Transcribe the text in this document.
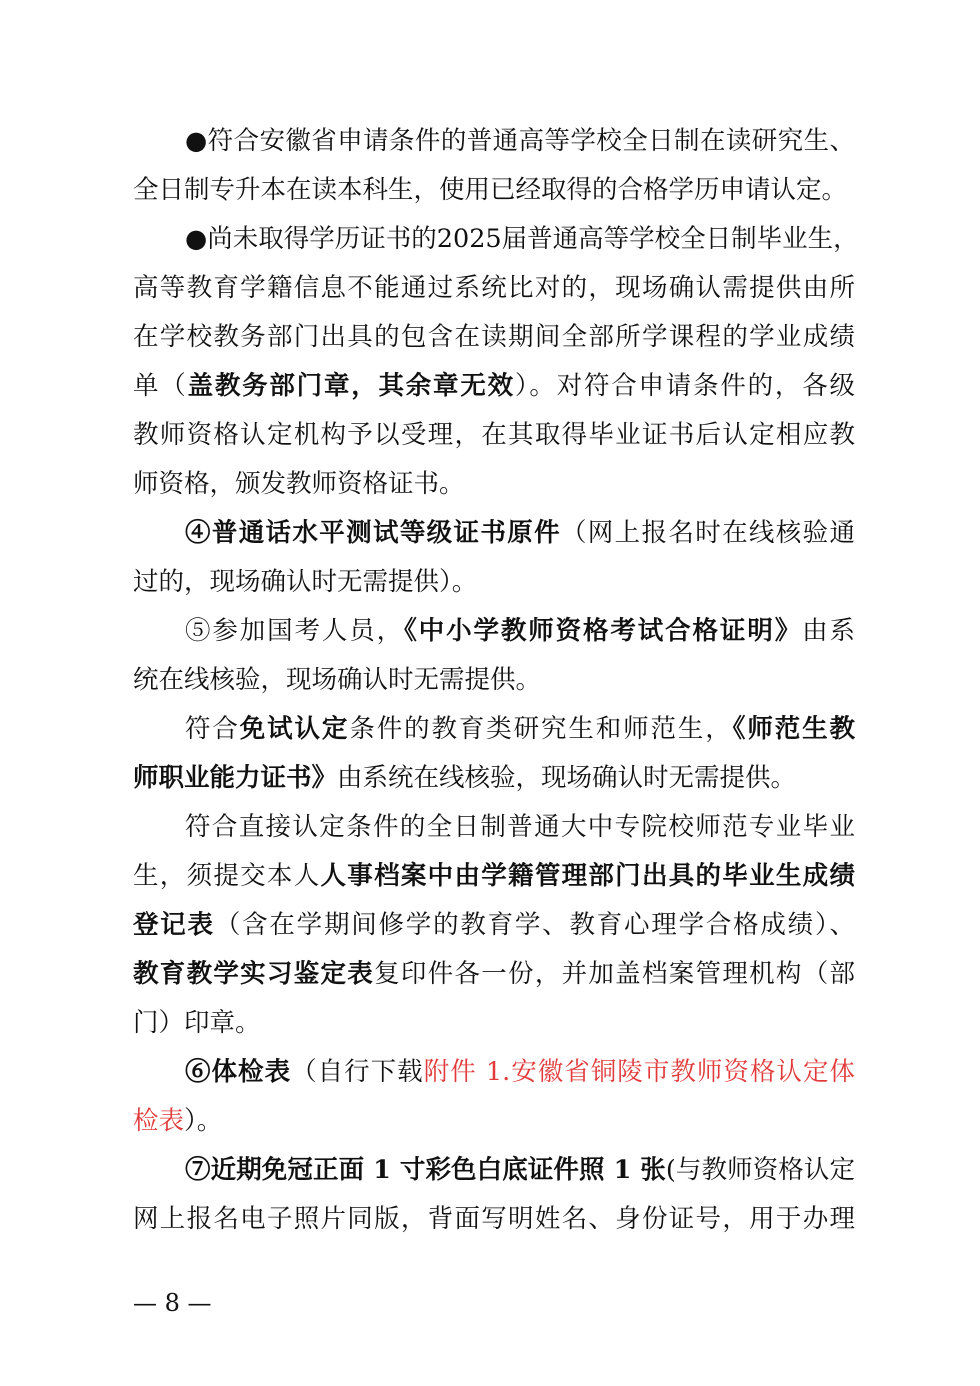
●符合安徽省申请条件的普通高等学校全日制在读研究生、
全日制专升本在读本科生，使用已经取得的合格学历申请认定。
●尚未取得学历证书的2025届普通高等学校全日制毕业生，
高等教育学籍信息不能通过系统比对的，现场确认需提供由所
在学校教务部门出具的包含在读期间全部所学课程的学业成绩
单（盖教务部门章，其余章无效）。对符合申请条件的，各级
教师资格认定机构予以受理，在其取得毕业证书后认定相应教
师资格，颁发教师资格证书。
④普通话水平测试等级证书原件（网上报名时在线核验通
过的，现场确认时无需提供）。
⑤参加国考人员，《中小学教师资格考试合格证明》由系
统在线核验，现场确认时无需提供。
符合免试认定条件的教育类研究生和师范生，《师范生教
师职业能力证书》由系统在线核验，现场确认时无需提供。
符合直接认定条件的全日制普通大中专院校师范专业毕业
生，须提交本人人事档案中由学籍管理部门出具的毕业生成绩
登记表（含在学期间修学的教育学、教育心理学合格成绩）、
教育教学实习鉴定表复印件各一份，并加盖档案管理机构（部
门）印章。
⑥体检表（自行下载附件 1.安徽省铜陵市教师资格认定体
检表）。
⑦近期免冠正面 1 寸彩色白底证件照 1 张(与教师资格认定
网上报名电子照片同版，背面写明姓名、身份证号，用于办理
— 8 —
